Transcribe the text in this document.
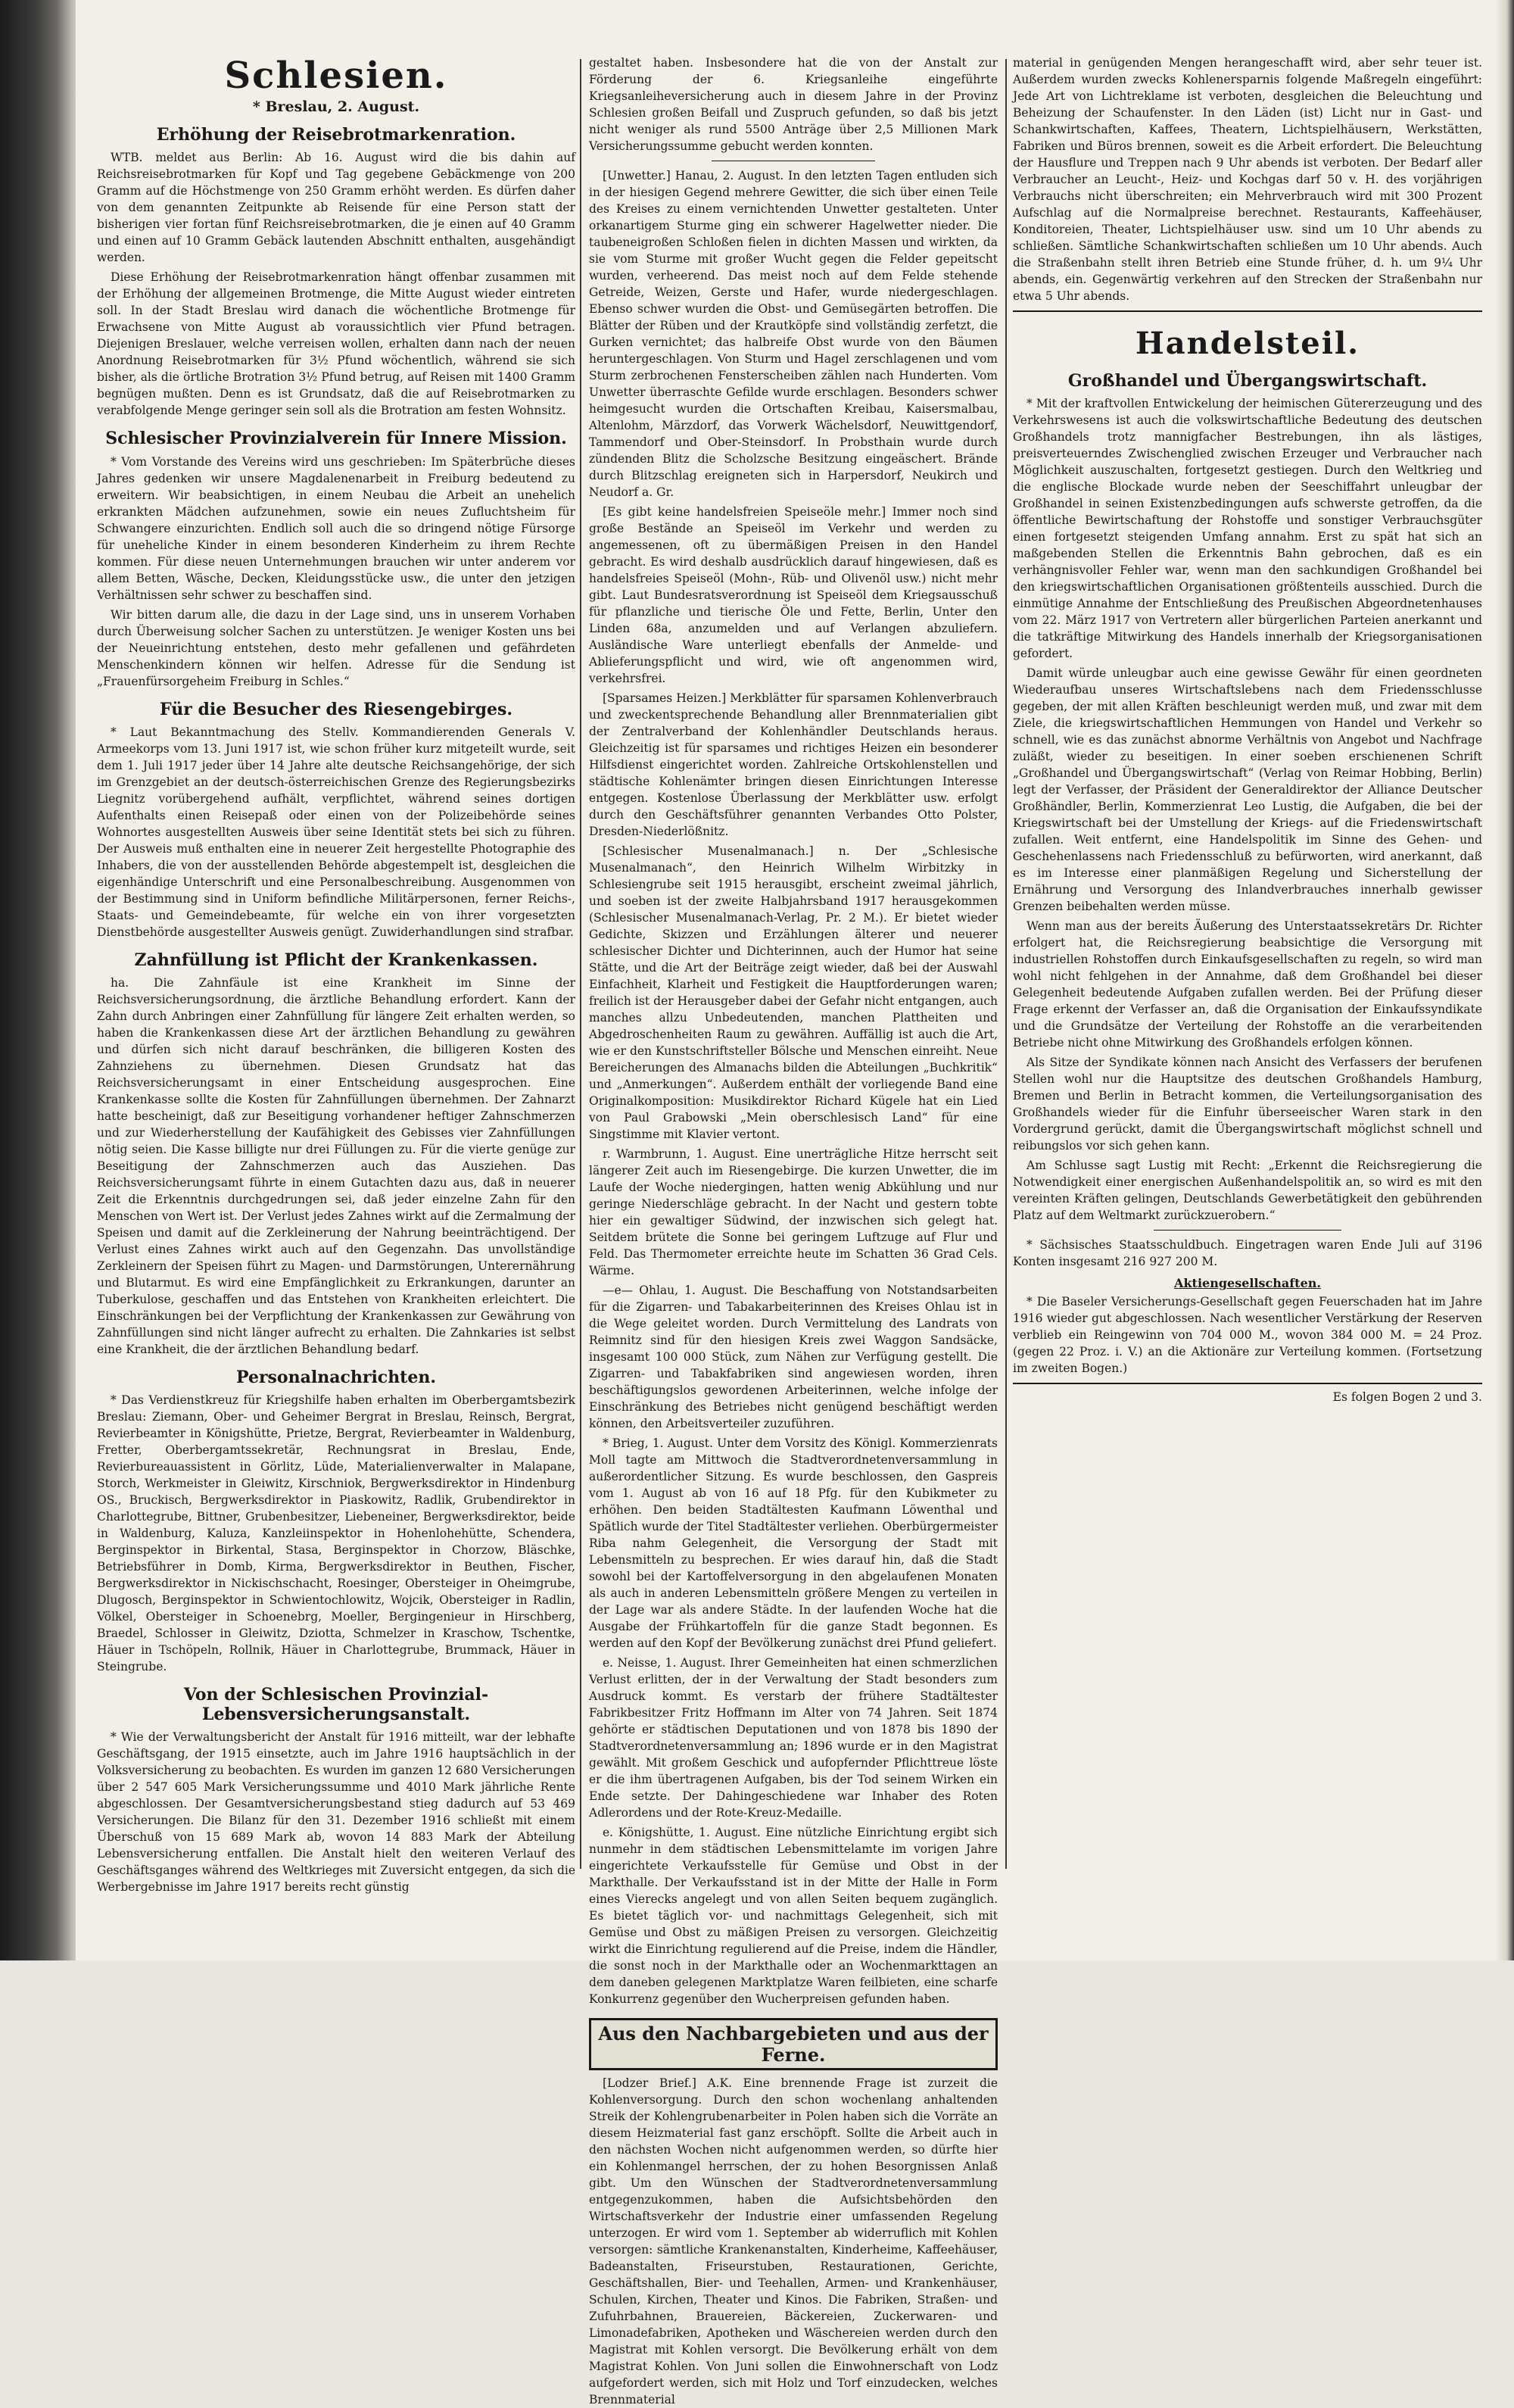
Schlesien.
* Breslau, 2. August.
Erhöhung der Reisebrotmarkenration.

WTB. meldet aus Berlin: Ab 16. August wird die bis dahin auf Reichsreisebrotmarken für Kopf und Tag gegebene Gebäckmenge von 200 Gramm auf die Höchstmenge von 250 Gramm erhöht werden. Es dürfen daher von dem genannten Zeitpunkte ab Reisende für eine Person statt der bisherigen vier fortan fünf Reichsreisebrotmarken, die je einen auf 40 Gramm und einen auf 10 Gramm Gebäck lautenden Abschnitt enthalten, ausgehändigt werden.

Diese Erhöhung der Reisebrotmarkenration hängt offenbar zusammen mit der Erhöhung der allgemeinen Brotmenge, die Mitte August wieder eintreten soll. In der Stadt Breslau wird danach die wöchentliche Brotmenge für Erwachsene von Mitte August ab voraussichtlich vier Pfund betragen. Diejenigen Breslauer, welche verreisen wollen, erhalten dann nach der neuen Anordnung Reisebrotmarken für 3½ Pfund wöchentlich, während sie sich bisher, als die örtliche Brotration 3½ Pfund betrug, auf Reisen mit 1400 Gramm begnügen mußten. Denn es ist Grundsatz, daß die auf Reisebrotmarken zu verabfolgende Menge geringer sein soll als die Brotration am festen Wohnsitz.

Schlesischer Provinzialverein für Innere Mission.

* Vom Vorstande des Vereins wird uns geschrieben: Im Späterbrüche dieses Jahres gedenken wir unsere Magdalenenarbeit in Freiburg bedeutend zu erweitern. Wir beabsichtigen, in einem Neubau die Arbeit an unehelich erkrankten Mädchen aufzunehmen, sowie ein neues Zufluchtsheim für Schwangere einzurichten. Endlich soll auch die so dringend nötige Fürsorge für uneheliche Kinder in einem besonderen Kinderheim zu ihrem Rechte kommen. Für diese neuen Unternehmungen brauchen wir unter anderem vor allem Betten, Wäsche, Decken, Kleidungsstücke usw., die unter den jetzigen Verhältnissen sehr schwer zu beschaffen sind.

Wir bitten darum alle, die dazu in der Lage sind, uns in unserem Vorhaben durch Überweisung solcher Sachen zu unterstützen. Je weniger Kosten uns bei der Neueinrichtung entstehen, desto mehr gefallenen und gefährdeten Menschenkindern können wir helfen. Adresse für die Sendung ist „Frauenfürsorgeheim Freiburg in Schles.“

Für die Besucher des Riesengebirges.

* Laut Bekanntmachung des Stellv. Kommandierenden Generals V. Armeekorps vom 13. Juni 1917 ist, wie schon früher kurz mitgeteilt wurde, seit dem 1. Juli 1917 jeder über 14 Jahre alte deutsche Reichsangehörige, der sich im Grenzgebiet an der deutsch-österreichischen Grenze des Regierungsbezirks Liegnitz vorübergehend aufhält, verpflichtet, während seines dortigen Aufenthalts einen Reisepaß oder einen von der Polizeibehörde seines Wohnortes ausgestellten Ausweis über seine Identität stets bei sich zu führen. Der Ausweis muß enthalten eine in neuerer Zeit hergestellte Photographie des Inhabers, die von der ausstellenden Behörde abgestempelt ist, desgleichen die eigenhändige Unterschrift und eine Personalbeschreibung. Ausgenommen von der Bestimmung sind in Uniform befindliche Militärpersonen, ferner Reichs-, Staats- und Gemeindebeamte, für welche ein von ihrer vorgesetzten Dienstbehörde ausgestellter Ausweis genügt. Zuwiderhandlungen sind strafbar.

Zahnfüllung ist Pflicht der Krankenkassen.

ha. Die Zahnfäule ist eine Krankheit im Sinne der Reichsversicherungsordnung, die ärztliche Behandlung erfordert. Kann der Zahn durch Anbringen einer Zahnfüllung für längere Zeit erhalten werden, so haben die Krankenkassen diese Art der ärztlichen Behandlung zu gewähren und dürfen sich nicht darauf beschränken, die billigeren Kosten des Zahnziehens zu übernehmen. Diesen Grundsatz hat das Reichsversicherungsamt in einer Entscheidung ausgesprochen. Eine Krankenkasse sollte die Kosten für Zahnfüllungen übernehmen. Der Zahnarzt hatte bescheinigt, daß zur Beseitigung vorhandener heftiger Zahnschmerzen und zur Wiederherstellung der Kaufähigkeit des Gebisses vier Zahnfüllungen nötig seien. Die Kasse billigte nur drei Füllungen zu. Für die vierte genüge zur Beseitigung der Zahnschmerzen auch das Ausziehen. Das Reichsversicherungsamt führte in einem Gutachten dazu aus, daß in neuerer Zeit die Erkenntnis durchgedrungen sei, daß jeder einzelne Zahn für den Menschen von Wert ist. Der Verlust jedes Zahnes wirkt auf die Zermalmung der Speisen und damit auf die Zerkleinerung der Nahrung beeinträchtigend. Der Verlust eines Zahnes wirkt auch auf den Gegenzahn. Das unvollständige Zerkleinern der Speisen führt zu Magen- und Darmstörungen, Unterernährung und Blutarmut. Es wird eine Empfänglichkeit zu Erkrankungen, darunter an Tuberkulose, geschaffen und das Entstehen von Krankheiten erleichtert. Die Einschränkungen bei der Verpflichtung der Krankenkassen zur Gewährung von Zahnfüllungen sind nicht länger aufrecht zu erhalten. Die Zahnkaries ist selbst eine Krankheit, die der ärztlichen Behandlung bedarf.

Personalnachrichten.

* Das Verdienstkreuz für Kriegshilfe haben erhalten im Oberbergamtsbezirk Breslau: Ziemann, Ober- und Geheimer Bergrat in Breslau, Reinsch, Bergrat, Revierbeamter in Königshütte, Prietze, Bergrat, Revierbeamter in Waldenburg, Fretter, Oberbergamtssekretär, Rechnungsrat in Breslau, Ende, Revierbureauassistent in Görlitz, Lüde, Materialienverwalter in Malapane, Storch, Werkmeister in Gleiwitz, Kirschniok, Bergwerksdirektor in Hindenburg OS., Bruckisch, Bergwerksdirektor in Piaskowitz, Radlik, Grubendirektor in Charlottegrube, Bittner, Grubenbesitzer, Liebeneiner, Bergwerksdirektor, beide in Waldenburg, Kaluza, Kanzleiinspektor in Hohenlohehütte, Schendera, Berginspektor in Birkental, Stasa, Berginspektor in Chorzow, Bläschke, Betriebsführer in Domb, Kirma, Bergwerksdirektor in Beuthen, Fischer, Bergwerksdirektor in Nickischschacht, Roesinger, Obersteiger in Oheimgrube, Dlugosch, Berginspektor in Schwientochlowitz, Wojcik, Obersteiger in Radlin, Völkel, Obersteiger in Schoenebrg, Moeller, Bergingenieur in Hirschberg, Braedel, Schlosser in Gleiwitz, Dziotta, Schmelzer in Kraschow, Tschentke, Häuer in Tschöpeln, Rollnik, Häuer in Charlottegrube, Brummack, Häuer in Steingrube.

Von der Schlesischen Provinzial-Lebensversicherungsanstalt.

* Wie der Verwaltungsbericht der Anstalt für 1916 mitteilt, war der lebhafte Geschäftsgang, der 1915 einsetzte, auch im Jahre 1916 hauptsächlich in der Volksversicherung zu beobachten. Es wurden im ganzen 12 680 Versicherungen über 2 547 605 Mark Versicherungssumme und 4010 Mark jährliche Rente abgeschlossen. Der Gesamtversicherungsbestand stieg dadurch auf 53 469 Versicherungen. Die Bilanz für den 31. Dezember 1916 schließt mit einem Überschuß von 15 689 Mark ab, wovon 14 883 Mark der Abteilung Lebensversicherung entfallen. Die Anstalt hielt den weiteren Verlauf des Geschäftsganges während des Weltkrieges mit Zuversicht entgegen, da sich die Werbergebnisse im Jahre 1917 bereits recht günstig

gestaltet haben. Insbesondere hat die von der Anstalt zur Förderung der 6. Kriegsanleihe eingeführte Kriegsanleiheversicherung auch in diesem Jahre in der Provinz Schlesien großen Beifall und Zuspruch gefunden, so daß bis jetzt nicht weniger als rund 5500 Anträge über 2,5 Millionen Mark Versicherungssumme gebucht werden konnten.

[Unwetter.] Hanau, 2. August. In den letzten Tagen entluden sich in der hiesigen Gegend mehrere Gewitter, die sich über einen Teile des Kreises zu einem vernichtenden Unwetter gestalteten. Unter orkanartigem Sturme ging ein schwerer Hagelwetter nieder. Die taubeneigroßen Schloßen fielen in dichten Massen und wirkten, da sie vom Sturme mit großer Wucht gegen die Felder gepeitscht wurden, verheerend. Das meist noch auf dem Felde stehende Getreide, Weizen, Gerste und Hafer, wurde niedergeschlagen. Ebenso schwer wurden die Obst- und Gemüsegärten betroffen. Die Blätter der Rüben und der Krautköpfe sind vollständig zerfetzt, die Gurken vernichtet; das halbreife Obst wurde von den Bäumen heruntergeschlagen. Von Sturm und Hagel zerschlagenen und vom Sturm zerbrochenen Fensterscheiben zählen nach Hunderten. Vom Unwetter überraschte Gefilde wurde erschlagen. Besonders schwer heimgesucht wurden die Ortschaften Kreibau, Kaisersmalbau, Altenlohm, Märzdorf, das Vorwerk Wächelsdorf, Neuwittgendorf, Tammendorf und Ober-Steinsdorf. In Probsthain wurde durch zündenden Blitz die Scholzsche Besitzung eingeäschert. Brände durch Blitzschlag ereigneten sich in Harpersdorf, Neukirch und Neudorf a. Gr.

[Es gibt keine handelsfreien Speiseöle mehr.] Immer noch sind große Bestände an Speiseöl im Verkehr und werden zu angemessenen, oft zu übermäßigen Preisen in den Handel gebracht. Es wird deshalb ausdrücklich darauf hingewiesen, daß es handelsfreies Speiseöl (Mohn-, Rüb- und Olivenöl usw.) nicht mehr gibt. Laut Bundesratsverordnung ist Speiseöl dem Kriegsausschuß für pflanzliche und tierische Öle und Fette, Berlin, Unter den Linden 68a, anzumelden und auf Verlangen abzuliefern. Ausländische Ware unterliegt ebenfalls der Anmelde- und Ablieferungspflicht und wird, wie oft angenommen wird, verkehrsfrei.

[Sparsames Heizen.] Merkblätter für sparsamen Kohlenverbrauch und zweckentsprechende Behandlung aller Brennmaterialien gibt der Zentralverband der Kohlenhändler Deutschlands heraus. Gleichzeitig ist für sparsames und richtiges Heizen ein besonderer Hilfsdienst eingerichtet worden. Zahlreiche Ortskohlenstellen und städtische Kohlenämter bringen diesen Einrichtungen Interesse entgegen. Kostenlose Überlassung der Merkblätter usw. erfolgt durch den Geschäftsführer genannten Verbandes Otto Polster, Dresden-Niederlößnitz.

[Schlesischer Musenalmanach.] n. Der „Schlesische Musenalmanach“, den Heinrich Wilhelm Wirbitzky in Schlesiengrube seit 1915 herausgibt, erscheint zweimal jährlich, und soeben ist der zweite Halbjahrsband 1917 herausgekommen (Schlesischer Musenalmanach-Verlag, Pr. 2 M.). Er bietet wieder Gedichte, Skizzen und Erzählungen älterer und neuerer schlesischer Dichter und Dichterinnen, auch der Humor hat seine Stätte, und die Art der Beiträge zeigt wieder, daß bei der Auswahl Einfachheit, Klarheit und Festigkeit die Hauptforderungen waren; freilich ist der Herausgeber dabei der Gefahr nicht entgangen, auch manches allzu Unbedeutenden, manchen Plattheiten und Abgedroschenheiten Raum zu gewähren. Auffällig ist auch die Art, wie er den Kunstschriftsteller Bölsche und Menschen einreiht. Neue Bereicherungen des Almanachs bilden die Abteilungen „Buchkritik“ und „Anmerkungen“. Außerdem enthält der vorliegende Band eine Originalkomposition: Musikdirektor Richard Kügele hat ein Lied von Paul Grabowski „Mein oberschlesisch Land“ für eine Singstimme mit Klavier vertont.

r. Warmbrunn, 1. August. Eine unerträgliche Hitze herrscht seit längerer Zeit auch im Riesengebirge. Die kurzen Unwetter, die im Laufe der Woche niedergingen, hatten wenig Abkühlung und nur geringe Niederschläge gebracht. In der Nacht und gestern tobte hier ein gewaltiger Südwind, der inzwischen sich gelegt hat. Seitdem brütete die Sonne bei geringem Luftzuge auf Flur und Feld. Das Thermometer erreichte heute im Schatten 36 Grad Cels. Wärme.

—e— Ohlau, 1. August. Die Beschaffung von Notstandsarbeiten für die Zigarren- und Tabakarbeiterinnen des Kreises Ohlau ist in die Wege geleitet worden. Durch Vermittelung des Landrats von Reimnitz sind für den hiesigen Kreis zwei Waggon Sandsäcke, insgesamt 100 000 Stück, zum Nähen zur Verfügung gestellt. Die Zigarren- und Tabakfabriken sind angewiesen worden, ihren beschäftigungslos gewordenen Arbeiterinnen, welche infolge der Einschränkung des Betriebes nicht genügend beschäftigt werden können, den Arbeitsverteiler zuzuführen.

* Brieg, 1. August. Unter dem Vorsitz des Königl. Kommerzienrats Moll tagte am Mittwoch die Stadtverordnetenversammlung in außerordentlicher Sitzung. Es wurde beschlossen, den Gaspreis vom 1. August ab von 16 auf 18 Pfg. für den Kubikmeter zu erhöhen. Den beiden Stadtältesten Kaufmann Löwenthal und Spätlich wurde der Titel Stadtältester verliehen. Oberbürgermeister Riba nahm Gelegenheit, die Versorgung der Stadt mit Lebensmitteln zu besprechen. Er wies darauf hin, daß die Stadt sowohl bei der Kartoffelversorgung in den abgelaufenen Monaten als auch in anderen Lebensmitteln größere Mengen zu verteilen in der Lage war als andere Städte. In der laufenden Woche hat die Ausgabe der Frühkartoffeln für die ganze Stadt begonnen. Es werden auf den Kopf der Bevölkerung zunächst drei Pfund geliefert.

e. Neisse, 1. August. Ihrer Gemeinheiten hat einen schmerzlichen Verlust erlitten, der in der Verwaltung der Stadt besonders zum Ausdruck kommt. Es verstarb der frühere Stadtältester Fabrikbesitzer Fritz Hoffmann im Alter von 74 Jahren. Seit 1874 gehörte er städtischen Deputationen und von 1878 bis 1890 der Stadtverordnetenversammlung an; 1896 wurde er in den Magistrat gewählt. Mit großem Geschick und aufopfernder Pflichttreue löste er die ihm übertragenen Aufgaben, bis der Tod seinem Wirken ein Ende setzte. Der Dahingeschiedene war Inhaber des Roten Adlerordens und der Rote-Kreuz-Medaille.

e. Königshütte, 1. August. Eine nützliche Einrichtung ergibt sich nunmehr in dem städtischen Lebensmittelamte im vorigen Jahre eingerichtete Verkaufsstelle für Gemüse und Obst in der Markthalle. Der Verkaufsstand ist in der Mitte der Halle in Form eines Vierecks angelegt und von allen Seiten bequem zugänglich. Es bietet täglich vor- und nachmittags Gelegenheit, sich mit Gemüse und Obst zu mäßigen Preisen zu versorgen. Gleichzeitig wirkt die Einrichtung regulierend auf die Preise, indem die Händler, die sonst noch in der Markthalle oder an Wochenmarkttagen an dem daneben gelegenen Marktplatze Waren feilbieten, eine scharfe Konkurrenz gegenüber den Wucherpreisen gefunden haben.

Aus den Nachbargebieten und aus der Ferne.

[Lodzer Brief.] A.K. Eine brennende Frage ist zurzeit die Kohlenversorgung. Durch den schon wochenlang anhaltenden Streik der Kohlengrubenarbeiter in Polen haben sich die Vorräte an diesem Heizmaterial fast ganz erschöpft. Sollte die Arbeit auch in den nächsten Wochen nicht aufgenommen werden, so dürfte hier ein Kohlenmangel herrschen, der zu hohen Besorgnissen Anlaß gibt. Um den Wünschen der Stadtverordnetenversammlung entgegenzukommen, haben die Aufsichtsbehörden den Wirtschaftsverkehr der Industrie einer umfassenden Regelung unterzogen. Er wird vom 1. September ab widerruflich mit Kohlen versorgen: sämtliche Krankenanstalten, Kinderheime, Kaffeehäuser, Badeanstalten, Friseurstuben, Restaurationen, Gerichte, Geschäftshallen, Bier- und Teehallen, Armen- und Krankenhäuser, Schulen, Kirchen, Theater und Kinos. Die Fabriken, Straßen- und Zufuhrbahnen, Brauereien, Bäckereien, Zuckerwaren- und Limonadefabriken, Apotheken und Wäschereien werden durch den Magistrat mit Kohlen versorgt. Die Bevölkerung erhält von dem Magistrat Kohlen. Von Juni sollen die Einwohnerschaft von Lodz aufgefordert werden, sich mit Holz und Torf einzudecken, welches Brennmaterial

material in genügenden Mengen herangeschafft wird, aber sehr teuer ist. Außerdem wurden zwecks Kohlenersparnis folgende Maßregeln eingeführt: Jede Art von Lichtreklame ist verboten, desgleichen die Beleuchtung und Beheizung der Schaufenster. In den Läden (ist) Licht nur in Gast- und Schankwirtschaften, Kaffees, Theatern, Lichtspielhäusern, Werkstätten, Fabriken und Büros brennen, soweit es die Arbeit erfordert. Die Beleuchtung der Hausflure und Treppen nach 9 Uhr abends ist verboten. Der Bedarf aller Verbraucher an Leucht-, Heiz- und Kochgas darf 50 v. H. des vorjährigen Verbrauchs nicht überschreiten; ein Mehrverbrauch wird mit 300 Prozent Aufschlag auf die Normalpreise berechnet. Restaurants, Kaffeehäuser, Konditoreien, Theater, Lichtspielhäuser usw. sind um 10 Uhr abends zu schließen. Sämtliche Schankwirtschaften schließen um 10 Uhr abends. Auch die Straßenbahn stellt ihren Betrieb eine Stunde früher, d. h. um 9¼ Uhr abends, ein. Gegenwärtig verkehren auf den Strecken der Straßenbahn nur etwa 5 Uhr abends.

Handelsteil.
Großhandel und Übergangswirtschaft.

* Mit der kraftvollen Entwickelung der heimischen Gütererzeugung und des Verkehrswesens ist auch die volkswirtschaftliche Bedeutung des deutschen Großhandels trotz mannigfacher Bestrebungen, ihn als lästiges, preisverteuerndes Zwischenglied zwischen Erzeuger und Verbraucher nach Möglichkeit auszuschalten, fortgesetzt gestiegen. Durch den Weltkrieg und die englische Blockade wurde neben der Seeschiffahrt unleugbar der Großhandel in seinen Existenzbedingungen aufs schwerste getroffen, da die öffentliche Bewirtschaftung der Rohstoffe und sonstiger Verbrauchsgüter einen fortgesetzt steigenden Umfang annahm. Erst zu spät hat sich an maßgebenden Stellen die Erkenntnis Bahn gebrochen, daß es ein verhängnisvoller Fehler war, wenn man den sachkundigen Großhandel bei den kriegswirtschaftlichen Organisationen größtenteils ausschied. Durch die einmütige Annahme der Entschließung des Preußischen Abgeordnetenhauses vom 22. März 1917 von Vertretern aller bürgerlichen Parteien anerkannt und die tatkräftige Mitwirkung des Handels innerhalb der Kriegsorganisationen gefordert.

Damit würde unleugbar auch eine gewisse Gewähr für einen geordneten Wiederaufbau unseres Wirtschaftslebens nach dem Friedensschlusse gegeben, der mit allen Kräften beschleunigt werden muß, und zwar mit dem Ziele, die kriegswirtschaftlichen Hemmungen von Handel und Verkehr so schnell, wie es das zunächst abnorme Verhältnis von Angebot und Nachfrage zuläßt, wieder zu beseitigen. In einer soeben erschienenen Schrift „Großhandel und Übergangswirtschaft“ (Verlag von Reimar Hobbing, Berlin) legt der Verfasser, der Präsident der Generaldirektor der Alliance Deutscher Großhändler, Berlin, Kommerzienrat Leo Lustig, die Aufgaben, die bei der Kriegswirtschaft bei der Umstellung der Kriegs- auf die Friedenswirtschaft zufallen. Weit entfernt, eine Handelspolitik im Sinne des Gehen- und Geschehenlassens nach Friedensschluß zu befürworten, wird anerkannt, daß es im Interesse einer planmäßigen Regelung und Sicherstellung der Ernährung und Versorgung des Inlandverbrauches innerhalb gewisser Grenzen beibehalten werden müsse.

Wenn man aus der bereits Äußerung des Unterstaatssekretärs Dr. Richter erfolgert hat, die Reichsregierung beabsichtige die Versorgung mit industriellen Rohstoffen durch Einkaufsgesellschaften zu regeln, so wird man wohl nicht fehlgehen in der Annahme, daß dem Großhandel bei dieser Gelegenheit bedeutende Aufgaben zufallen werden. Bei der Prüfung dieser Frage erkennt der Verfasser an, daß die Organisation der Einkaufssyndikate und die Grundsätze der Verteilung der Rohstoffe an die verarbeitenden Betriebe nicht ohne Mitwirkung des Großhandels erfolgen können.

Als Sitze der Syndikate können nach Ansicht des Verfassers der berufenen Stellen wohl nur die Hauptsitze des deutschen Großhandels Hamburg, Bremen und Berlin in Betracht kommen, die Verteilungsorganisation des Großhandels wieder für die Einfuhr überseeischer Waren stark in den Vordergrund gerückt, damit die Übergangswirtschaft möglichst schnell und reibungslos vor sich gehen kann.

Am Schlusse sagt Lustig mit Recht: „Erkennt die Reichsregierung die Notwendigkeit einer energischen Außenhandelspolitik an, so wird es mit den vereinten Kräften gelingen, Deutschlands Gewerbetätigkeit den gebührenden Platz auf dem Weltmarkt zurückzuerobern.“

* Sächsisches Staatsschuldbuch. Eingetragen waren Ende Juli auf 3196 Konten insgesamt 216 927 200 M.

Aktiengesellschaften.

* Die Baseler Versicherungs-Gesellschaft gegen Feuerschaden hat im Jahre 1916 wieder gut abgeschlossen. Nach wesentlicher Verstärkung der Reserven verblieb ein Reingewinn von 704 000 M., wovon 384 000 M. = 24 Proz. (gegen 22 Proz. i. V.) an die Aktionäre zur Verteilung kommen. (Fortsetzung im zweiten Bogen.)

Es folgen Bogen 2 und 3.
